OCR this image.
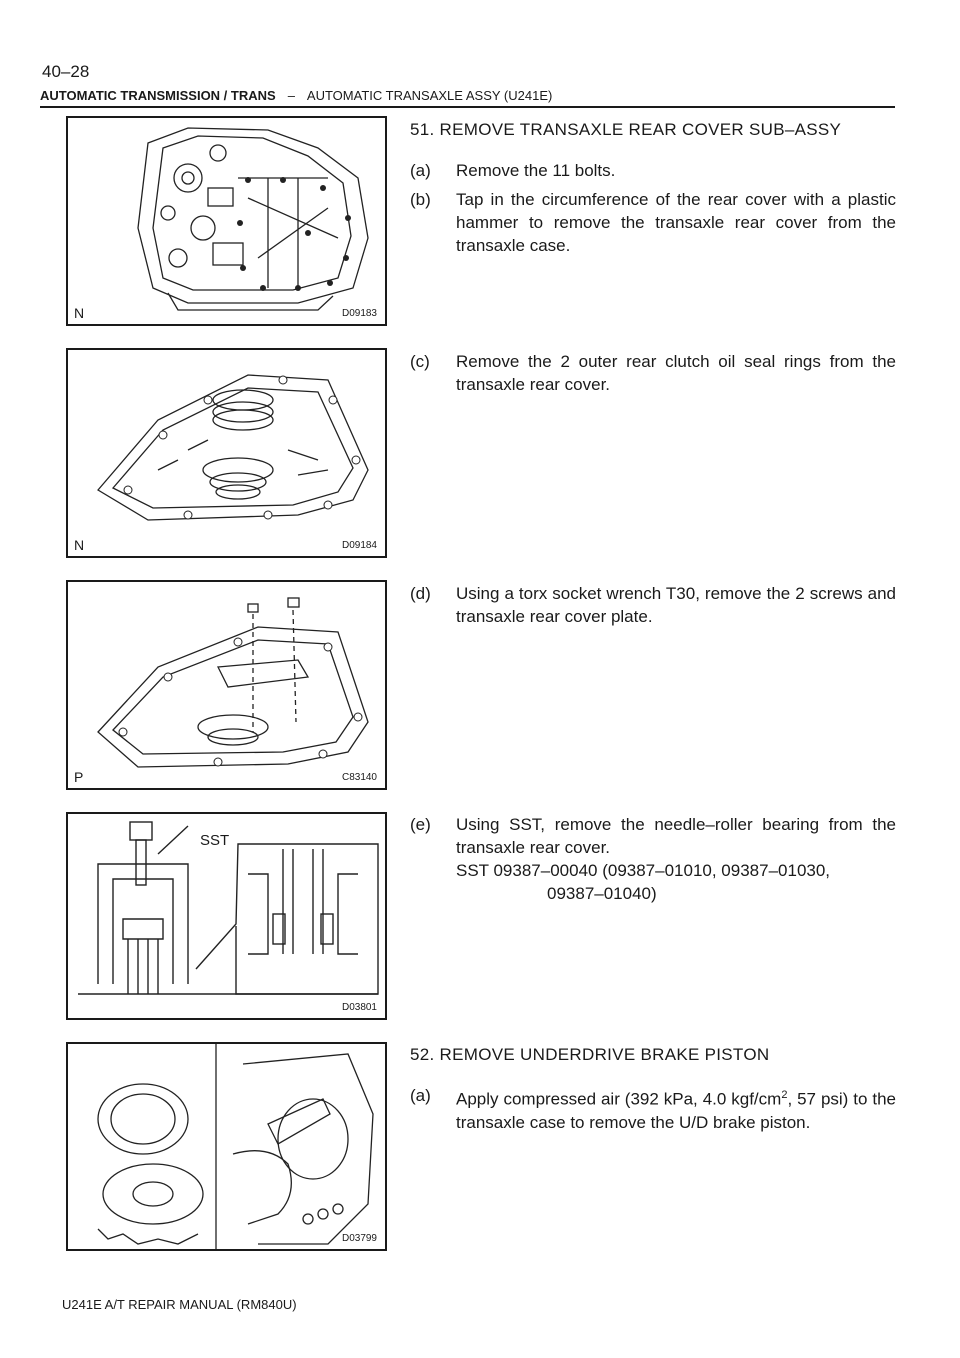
40–28
AUTOMATIC TRANSMISSION / TRANS – AUTOMATIC TRANSAXLE ASSY (U241E)
N	D09183
N	D09184
P	C83140
SST
D03801
D03799
51. REMOVE TRANSAXLE REAR COVER SUB–ASSY
(a) Remove the 11 bolts.
(b) Tap in the circumference of the rear cover with a plastic hammer to remove the transaxle rear cover from the transaxle case.
(c) Remove the 2 outer rear clutch oil seal rings from the transaxle rear cover.
(d) Using a torx socket wrench T30, remove the 2 screws and transaxle rear cover plate.
(e) Using SST, remove the needle–roller bearing from the transaxle rear cover.
SST 09387–00040 (09387–01010, 09387–01030,
09387–01040)
52. REMOVE UNDERDRIVE BRAKE PISTON
(a) Apply compressed air (392 kPa, 4.0 kgf/$cm^2$, 57 psi) to the transaxle case to remove the U/D brake piston.
U241E A/T REPAIR MANUAL (RM840U)
